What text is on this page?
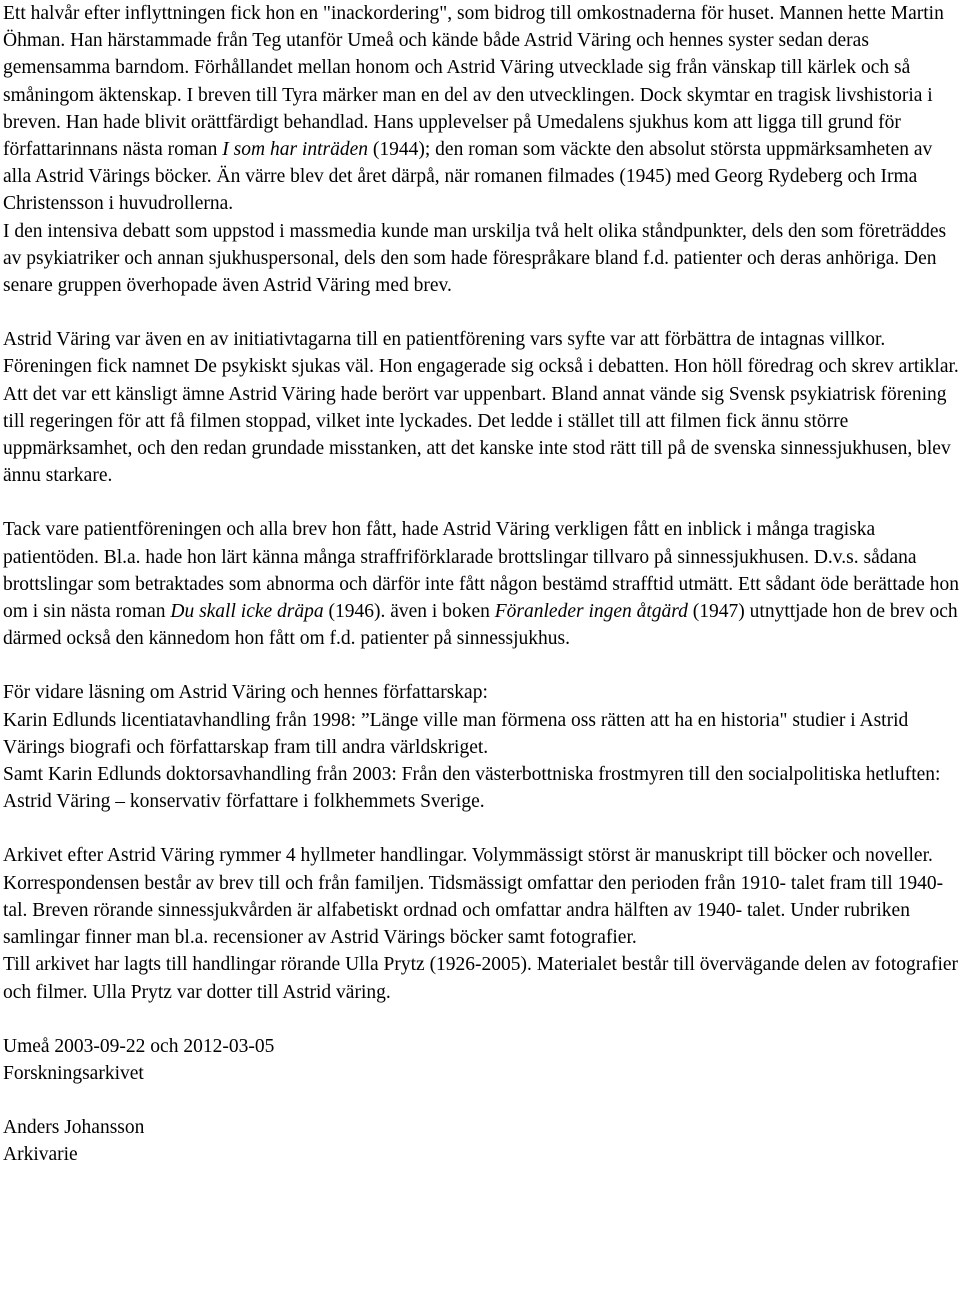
Ett halvår efter inflyttningen fick hon en "inackordering", som bidrog till omkostnaderna för huset. Mannen hette Martin Öhman. Han härstammade från Teg utanför Umeå och kände både Astrid Väring och hennes syster sedan deras gemensamma barndom. Förhållandet mellan honom och Astrid Väring utvecklade sig från vänskap till kärlek och så småningom äktenskap. I breven till Tyra märker man en del av den utvecklingen. Dock skymtar en tragisk livshistoria i breven. Han hade blivit orättfärdigt behandlad. Hans upplevelser på Umedalens sjukhus kom att ligga till grund för författarinnans nästa roman I som har inträden (1944); den roman som väckte den absolut största uppmärksamheten av alla Astrid Värings böcker. Än värre blev det året därpå, när romanen filmades (1945) med Georg Rydeberg och Irma Christensson i huvudrollerna.

I den intensiva debatt som uppstod i massmedia kunde man urskilja två helt olika ståndpunkter, dels den som företräddes av psykiatriker och annan sjukhuspersonal, dels den som hade förespråkare bland f.d. patienter och deras anhöriga. Den senare gruppen överhopade även Astrid Väring med brev.

Astrid Väring var även en av initiativtagarna till en patientförening vars syfte var att förbättra de intagnas villkor. Föreningen fick namnet De psykiskt sjukas väl. Hon engagerade sig också i debatten. Hon höll föredrag och skrev artiklar.

Att det var ett känsligt ämne Astrid Väring hade berört var uppenbart. Bland annat vände sig Svensk psykiatrisk förening till regeringen för att få filmen stoppad, vilket inte lyckades. Det ledde i stället till att filmen fick ännu större uppmärksamhet, och den redan grundade misstanken, att det kanske inte stod rätt till på de svenska sinnessjukhusen, blev ännu starkare.

Tack vare patientföreningen och alla brev hon fått, hade Astrid Väring verkligen fått en inblick i många tragiska patientöden. Bl.a. hade hon lärt känna många straffriförklarade brottslingar tillvaro på sinnessjukhusen. D.v.s. sådana brottslingar som betraktades som abnorma och därför inte fått någon bestämd strafftid utmätt. Ett sådant öde berättade hon om i sin nästa roman Du skall icke dräpa (1946). även i boken Föranleder ingen åtgärd (1947) utnyttjade hon de brev och därmed också den kännedom hon fått om f.d. patienter på sinnessjukhus.

För vidare läsning om Astrid Väring och hennes författarskap:

Karin Edlunds licentiatavhandling från 1998: ”Länge ville man förmena oss rätten att ha en historia" studier i Astrid Värings biografi och författarskap fram till andra världskriget.

Samt Karin Edlunds doktorsavhandling från 2003: Från den västerbottniska frostmyren till den socialpolitiska hetluften: Astrid Väring – konservativ författare i folkhemmets Sverige.

Arkivet efter Astrid Väring rymmer 4 hyllmeter handlingar. Volymmässigt störst är manuskript till böcker och noveller. Korrespondensen består av brev till och från familjen. Tidsmässigt omfattar den perioden från 1910- talet fram till 1940- tal. Breven rörande sinnessjukvården är alfabetiskt ordnad och omfattar andra hälften av 1940- talet. Under rubriken samlingar finner man bl.a. recensioner av Astrid Värings böcker samt fotografier.

Till arkivet har lagts till handlingar rörande Ulla Prytz (1926-2005). Materialet består till övervägande delen av fotografier och filmer. Ulla Prytz var dotter till Astrid väring.

Umeå 2003-09-22 och 2012-03-05

Forskningsarkivet

Anders Johansson

Arkivarie
